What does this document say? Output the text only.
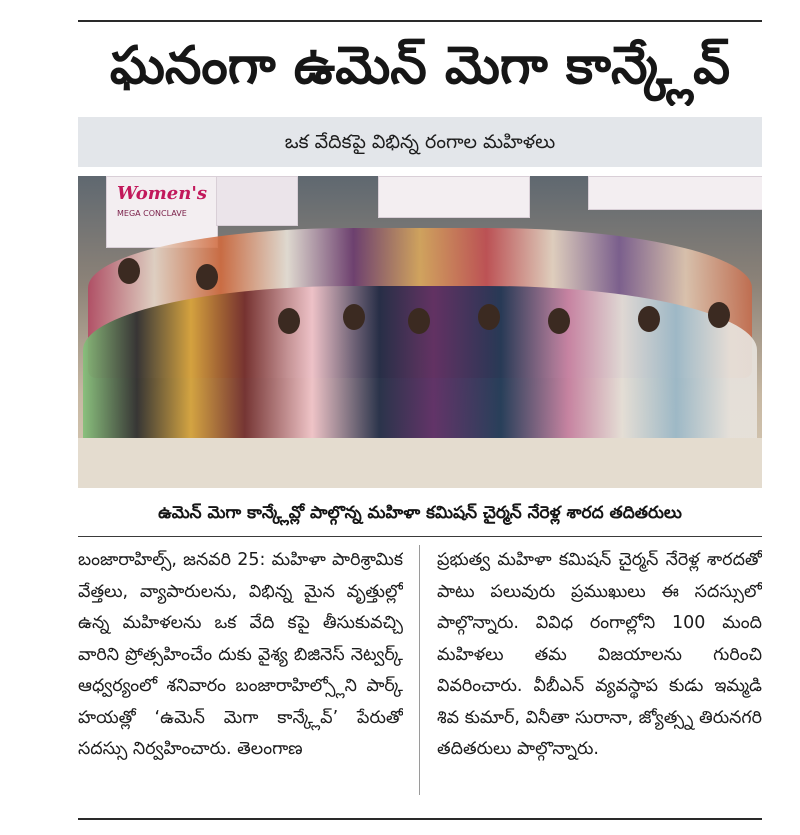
ఘనంగా ఉమెన్ మెగా కాన్క్లేవ్
ఒక వేదికపై విభిన్న రంగాల మహిళలు
Women's
MEGA CONCLAVE
ఉమెన్ మెగా కాన్క్లేవ్లో పాల్గొన్న మహిళా కమిషన్ చైర్మన్ నేరెళ్ల శారద తదితరులు
బంజారాహిల్స్, జనవరి 25: మహిళా పారిశ్రామిక వేత్తలు, వ్యాపారులను, విభిన్న మైన వృత్తుల్లో ఉన్న మహిళలను ఒక వేది కపై తీసుకువచ్చి వారిని ప్రోత్సహించేం దుకు వైశ్య బిజినెస్ నెట్వర్క్ ఆధ్వర్యంలో శనివారం బంజారాహిల్స్లోని పార్క్ హయత్లో ‘ఉమెన్ మెగా కాన్క్లేవ్’ పేరుతో సదస్సు నిర్వహించారు. తెలంగాణ
ప్రభుత్వ మహిళా కమిషన్ చైర్మన్ నేరెళ్ల శారదతో పాటు పలువురు ప్రముఖులు ఈ సదస్సులో పాల్గొన్నారు. వివిధ రంగాల్లోని 100 మంది మహిళలు తమ విజయాలను గురించి వివరించారు. వీబీఎన్ వ్యవస్థాప కుడు ఇమ్మడి శివ కుమార్, వినీతా సురానా, జ్యోత్స్న తిరునగరి తదితరులు పాల్గొన్నారు.
